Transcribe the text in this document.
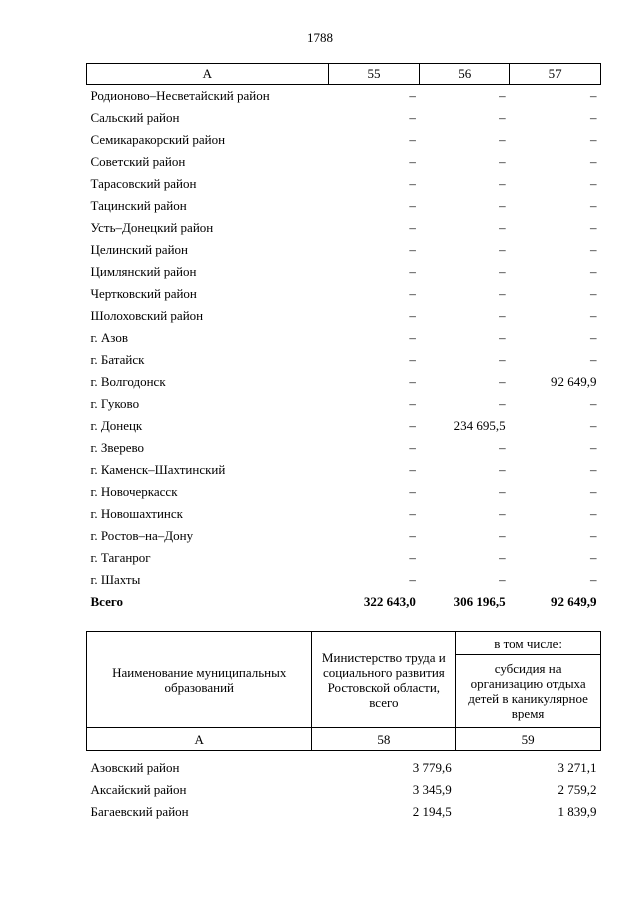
1788
А	55	56	57
Родионово–Несветайский район	–	–	–
Сальский район	–	–	–
Семикаракорский район	–	–	–
Советский район	–	–	–
Тарасовский район	–	–	–
Тацинский район	–	–	–
Усть–Донецкий район	–	–	–
Целинский район	–	–	–
Цимлянский район	–	–	–
Чертковский район	–	–	–
Шолоховский район	–	–	–
г. Азов	–	–	–
г. Батайск	–	–	–
г. Волгодонск	–	–	92 649,9
г. Гуково	–	–	–
г. Донецк	–	234 695,5	–
г. Зверево	–	–	–
г. Каменск–Шахтинский	–	–	–
г. Новочеркасск	–	–	–
г. Новошахтинск	–	–	–
г. Ростов–на–Дону	–	–	–
г. Таганрог	–	–	–
г. Шахты	–	–	–
Всего	322 643,0	306 196,5	92 649,9
Наименование муниципальных образований	Министерство труда и социального развития Ростовской области, всего	в том числе:
		субсидия на организацию отдыха детей в каникулярное время
А	58	59
Азовский район	3 779,6	3 271,1
Аксайский район	3 345,9	2 759,2
Багаевский район	2 194,5	1 839,9
